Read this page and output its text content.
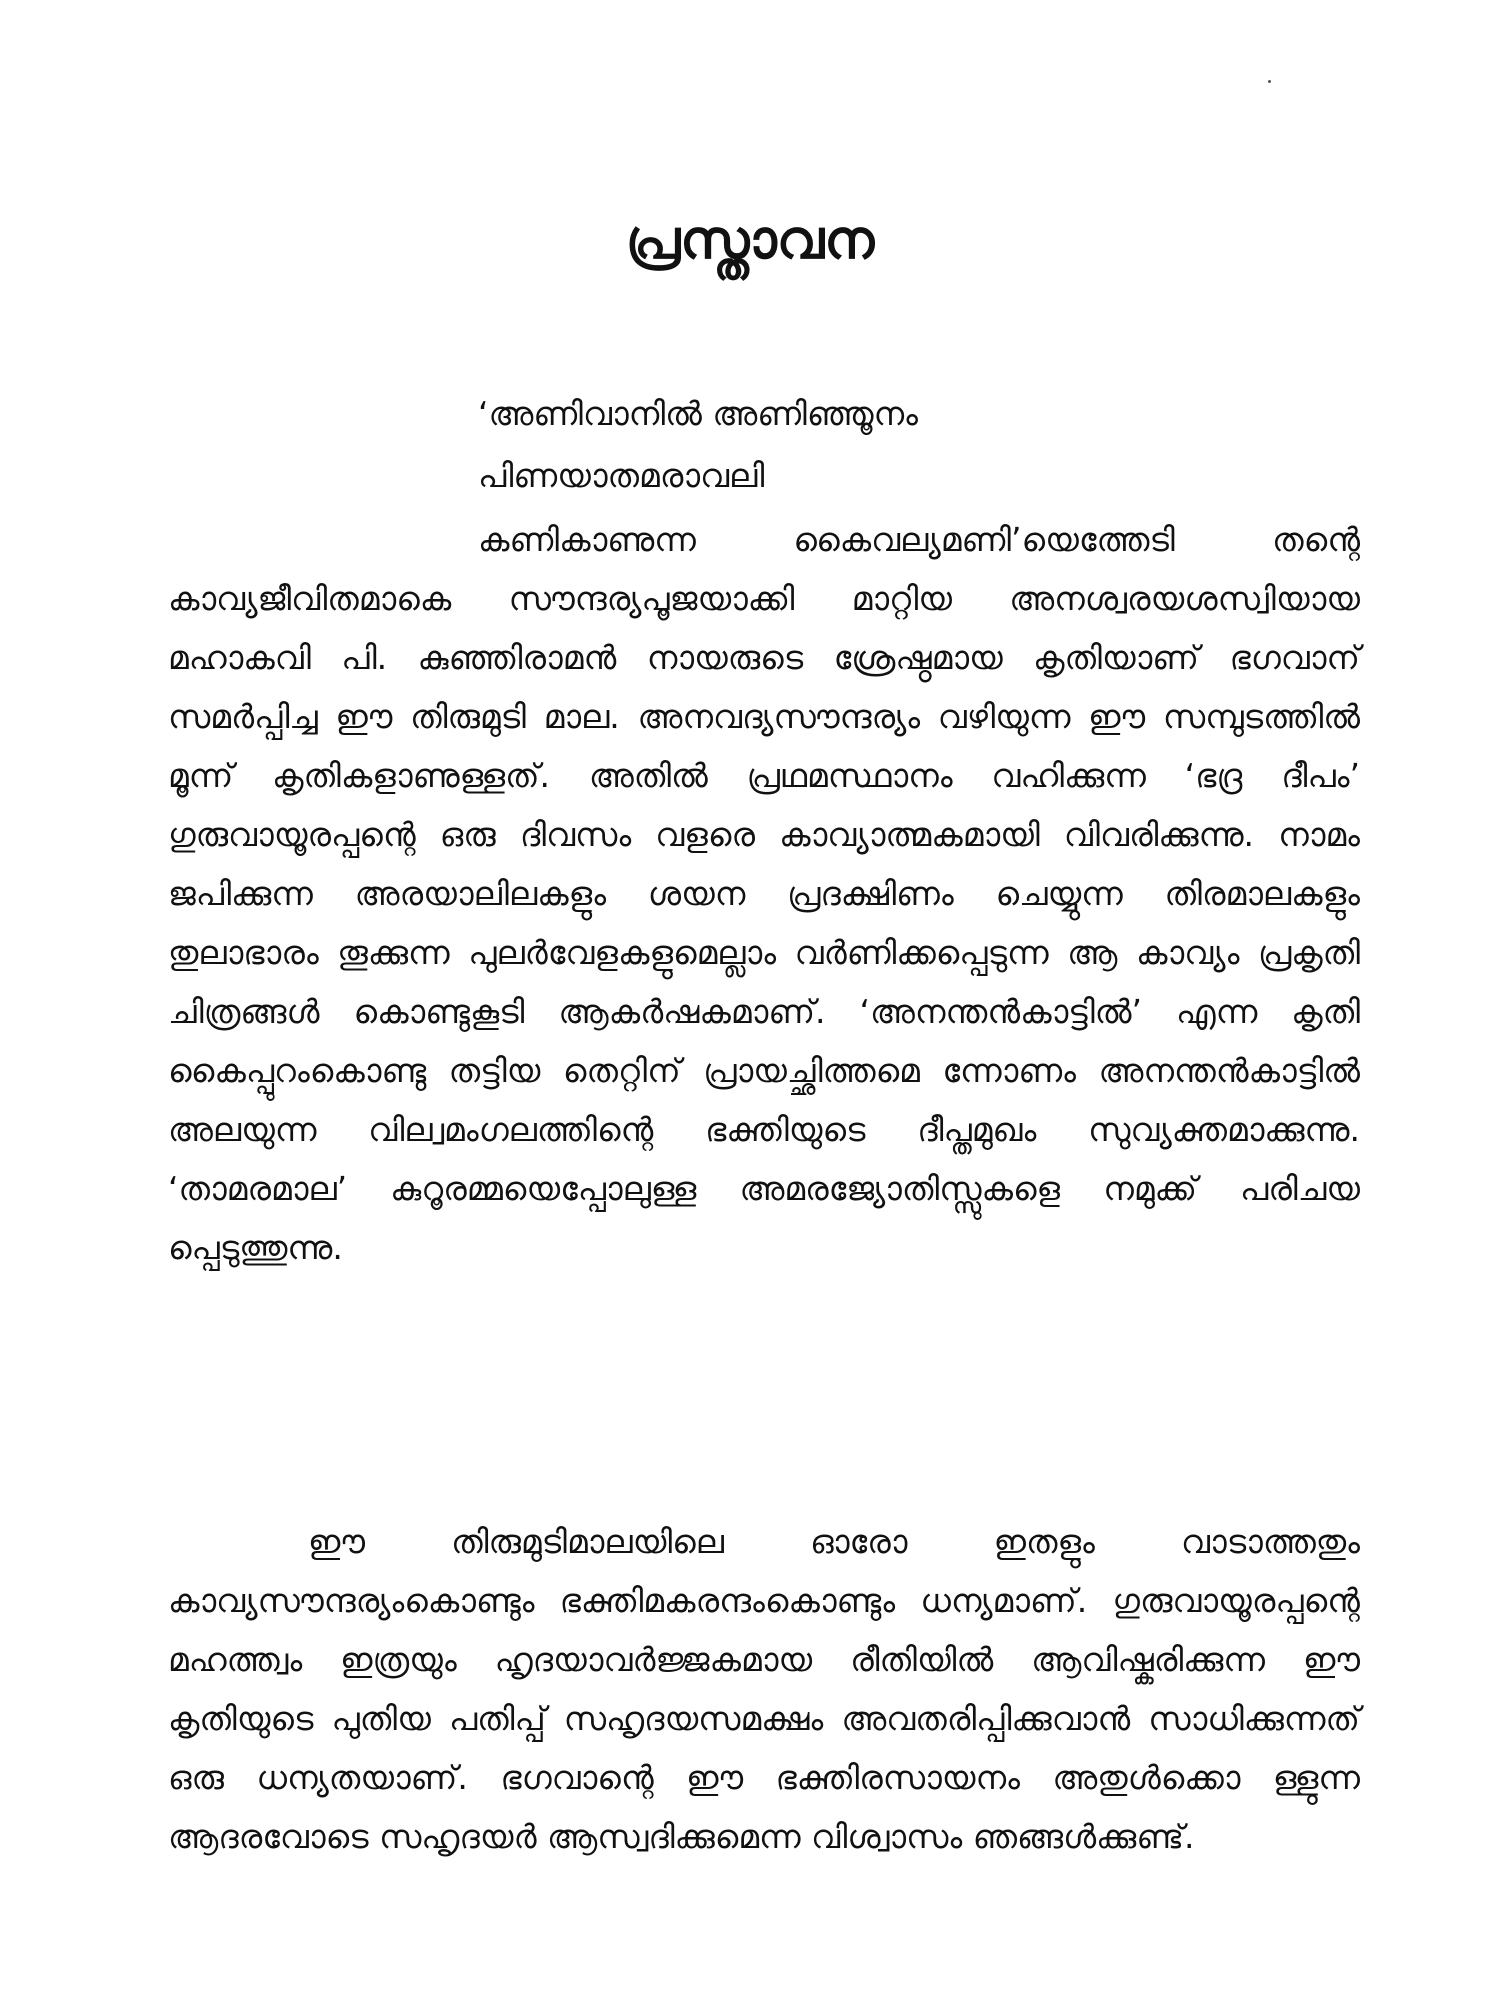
പ്രസ്താവന
‘അണിവാനിൽ അണിഞ്ഞൂനം
പിണയാതമരാവലി

കണികാണുന്ന കൈവല്യമണി’യെത്തേടി തന്റെ കാവ്യജീവിതമാകെ സൗന്ദര്യപൂജയാക്കി മാറ്റിയ അനശ്വരയശസ്വിയായ മഹാകവി പി. കുഞ്ഞിരാമൻ നായരുടെ ശ്രേഷ്ഠമായ കൃതിയാണ് ഭഗവാന് സമർപ്പിച്ച ഈ തിരുമുടി മാല. അനവദ്യസൗന്ദര്യം വഴിയുന്ന ഈ സമ്പുടത്തിൽ മൂന്ന് കൃതികളാണുള്ളത്. അതിൽ പ്രഥമസ്ഥാനം വഹിക്കുന്ന ‘ഭദ്ര ദീപം’ ഗുരുവായൂരപ്പന്റെ ഒരു ദിവസം വളരെ കാവ്യാത്മകമായി വിവരിക്കുന്നു. നാമം ജപിക്കുന്ന അരയാലിലകളും ശയന പ്രദക്ഷിണം ചെയ്യുന്ന തിരമാലകളും തുലാഭാരം തൂക്കുന്ന പുലർവേളകളുമെല്ലാം വർണിക്കപ്പെടുന്ന ആ കാവ്യം പ്രകൃതി ചിത്രങ്ങൾ കൊണ്ടുകൂടി ആകർഷകമാണ്. ‘അനന്തൻകാട്ടിൽ’ എന്ന കൃതി കൈപ്പുറംകൊണ്ടു തട്ടിയ തെറ്റിന് പ്രായച്ഛിത്തമെ ന്നോണം അനന്തൻകാട്ടിൽ അലയുന്ന വില്വമംഗലത്തിന്റെ ഭക്തിയുടെ ദീപ്തമുഖം സുവ്യക്തമാക്കുന്നു. ‘താമരമാല’ കുറൂരമ്മയെപ്പോലുള്ള അമരജ്യോതിസ്സുകളെ നമുക്ക് പരിചയ പ്പെടുത്തുന്നു.

ഈ തിരുമുടിമാലയിലെ ഓരോ ഇതളും വാടാത്തതും കാവ്യസൗന്ദര്യംകൊണ്ടും ഭക്തിമകരന്ദംകൊണ്ടും ധന്യമാണ്. ഗുരുവായൂരപ്പന്റെ മഹത്ത്വം ഇത്രയും ഹൃദയാവർജ്ജകമായ രീതിയിൽ ആവിഷ്കരിക്കുന്ന ഈ കൃതിയുടെ പുതിയ പതിപ്പ് സഹൃദയസമക്ഷം അവതരിപ്പിക്കുവാൻ സാധിക്കുന്നത് ഒരു ധന്യതയാണ്. ഭഗവാന്റെ ഈ ഭക്തിരസായനം അതുൾക്കൊ ള്ളുന്ന ആദരവോടെ സഹൃദയർ ആസ്വദിക്കുമെന്ന വിശ്വാസം ഞങ്ങൾക്കുണ്ട്.
